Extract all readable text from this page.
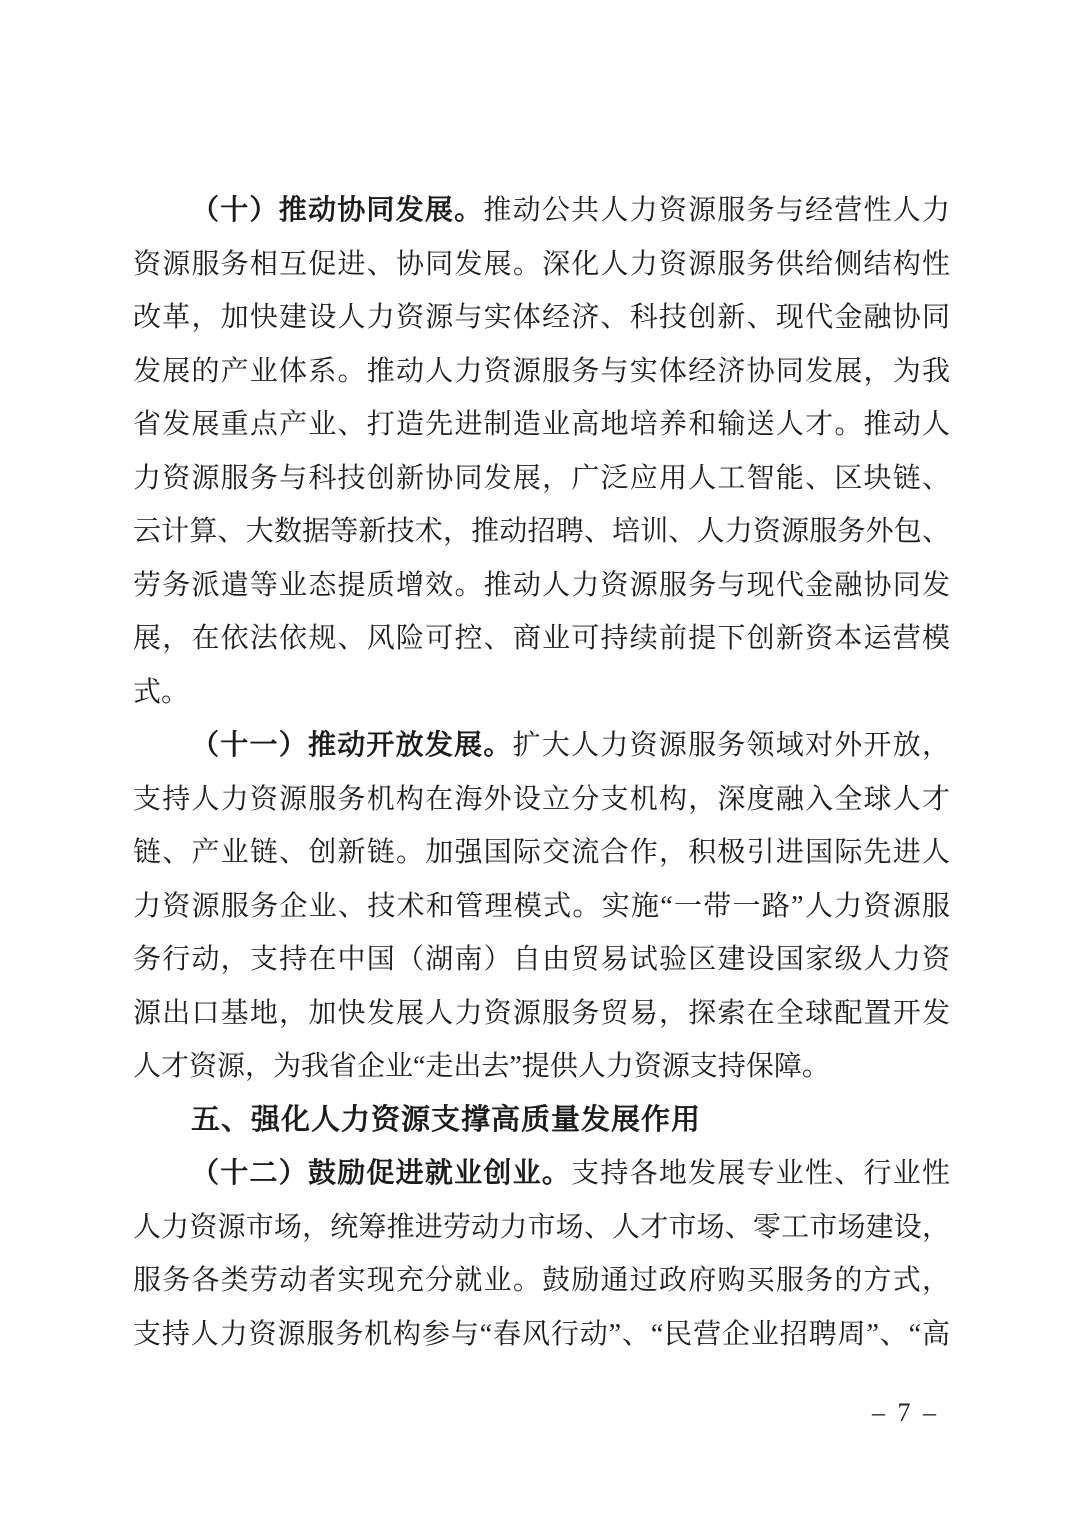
（十）推动协同发展。推动公共人力资源服务与经营性人力
资源服务相互促进、协同发展。深化人力资源服务供给侧结构性
改革，加快建设人力资源与实体经济、科技创新、现代金融协同
发展的产业体系。推动人力资源服务与实体经济协同发展，为我
省发展重点产业、打造先进制造业高地培养和输送人才。推动人
力资源服务与科技创新协同发展，广泛应用人工智能、区块链、
云计算、大数据等新技术，推动招聘、培训、人力资源服务外包、
劳务派遣等业态提质增效。推动人力资源服务与现代金融协同发
展，在依法依规、风险可控、商业可持续前提下创新资本运营模
式。
（十一）推动开放发展。扩大人力资源服务领域对外开放，
支持人力资源服务机构在海外设立分支机构，深度融入全球人才
链、产业链、创新链。加强国际交流合作，积极引进国际先进人
力资源服务企业、技术和管理模式。实施“一带一路”人力资源服
务行动，支持在中国（湖南）自由贸易试验区建设国家级人力资
源出口基地，加快发展人力资源服务贸易，探索在全球配置开发
人才资源，为我省企业“走出去”提供人力资源支持保障。
五、强化人力资源支撑高质量发展作用
（十二）鼓励促进就业创业。支持各地发展专业性、行业性
人力资源市场，统筹推进劳动力市场、人才市场、零工市场建设，
服务各类劳动者实现充分就业。鼓励通过政府购买服务的方式，
支持人力资源服务机构参与“春风行动”、“民营企业招聘周”、“高
– 7 –
